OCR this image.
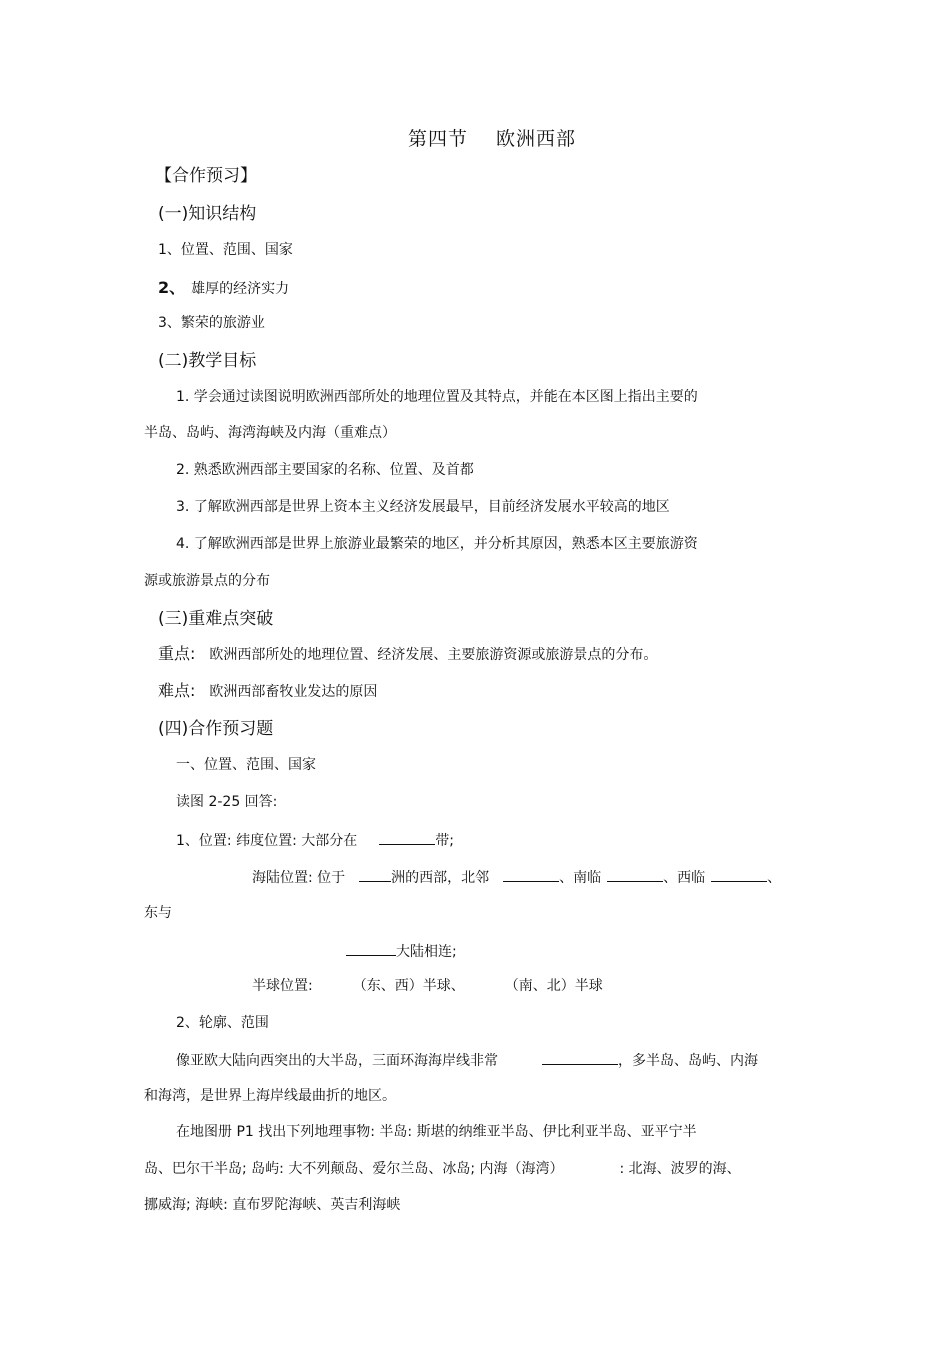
第四节 欧洲西部
【合作预习】
(一)知识结构
1、位置、范围、国家
2、 雄厚的经济实力
3、繁荣的旅游业
(二)教学目标
1. 学会通过读图说明欧洲西部所处的地理位置及其特点，并能在本区图上指出主要的
半岛、岛屿、海湾海峡及内海（重难点）
2. 熟悉欧洲西部主要国家的名称、位置、及首都
3. 了解欧洲西部是世界上资本主义经济发展最早，目前经济发展水平较高的地区
4. 了解欧洲西部是世界上旅游业最繁荣的地区，并分析其原因，熟悉本区主要旅游资
源或旅游景点的分布
(三)重难点突破
重点: 欧洲西部所处的地理位置、经济发展、主要旅游资源或旅游景点的分布。
难点: 欧洲西部畜牧业发达的原因
(四)合作预习题
一、位置、范围、国家
读图 2-25 回答:
1、位置: 纬度位置: 大部分在	带;
海陆位置: 位于	洲的西部，北邻	、南临	、西临	、
东与
大陆相连;
半球位置:	（东、西）半球、	（南、北）半球
2、轮廓、范围
像亚欧大陆向西突出的大半岛，三面环海海岸线非常	，多半岛、岛屿、内海
和海湾，是世界上海岸线最曲折的地区。
在地图册 P1 找出下列地理事物: 半岛: 斯堪的纳维亚半岛、伊比利亚半岛、亚平宁半
岛、巴尔干半岛; 岛屿: 大不列颠岛、爱尔兰岛、冰岛; 内海（海湾）	: 北海、波罗的海、
挪威海; 海峡: 直布罗陀海峡、英吉利海峡
